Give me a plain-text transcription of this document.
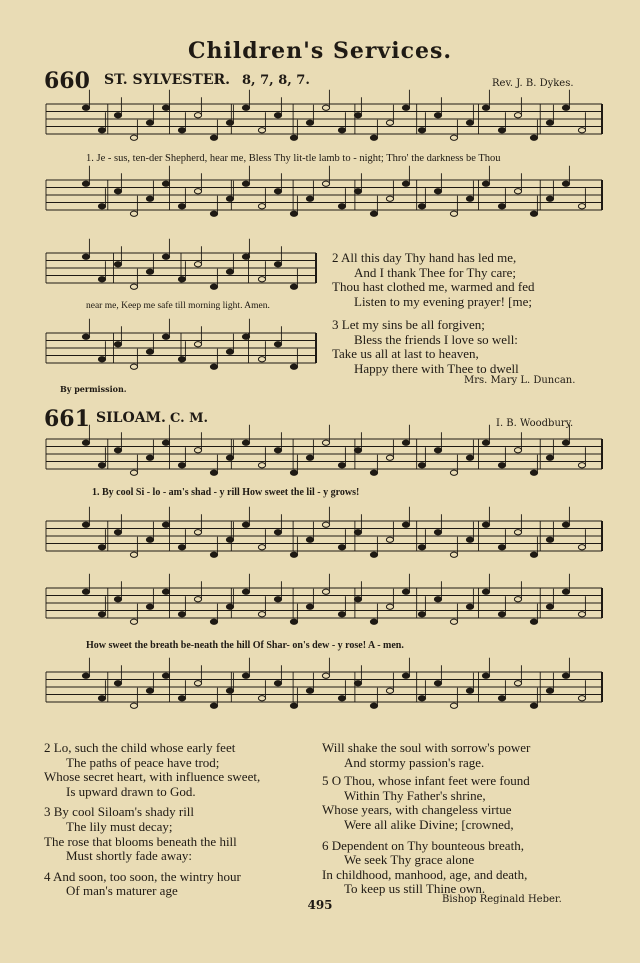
Children's Services.
660 ST. SYLVESTER. 8, 7, 8, 7.	Rev. J. B. Dykes.
1. Je - sus, ten-der Shepherd, hear me, Bless Thy lit-tle lamb to - night; Thro' the darkness be Thou
near me, Keep me safe till morning light. Amen.
By permission.
2 All this day Thy hand has led me,
And I thank Thee for Thy care;
Thou hast clothed me, warmed and fed
Listen to my evening prayer! [me;
3 Let my sins be all forgiven;
Bless the friends I love so well:
Take us all at last to heaven,
Happy there with Thee to dwell
Mrs. Mary L. Duncan.
661 SILOAM. C. M.	I. B. Woodbury.
1. By cool Si - lo - am's shad - y rill How sweet the lil - y grows!
How sweet the breath be-neath the hill Of Shar- on's dew - y rose! A - men.
2 Lo, such the child whose early feet
The paths of peace have trod;
Whose secret heart, with influence sweet,
Is upward drawn to God.
3 By cool Siloam's shady rill
The lily must decay;
The rose that blooms beneath the hill
Must shortly fade away:
4 And soon, too soon, the wintry hour
Of man's maturer age
Will shake the soul with sorrow's power
And stormy passion's rage.
5 O Thou, whose infant feet were found
Within Thy Father's shrine,
Whose years, with changeless virtue
Were all alike Divine; [crowned,
6 Dependent on Thy bounteous breath,
We seek Thy grace alone
In childhood, manhood, age, and death,
To keep us still Thine own.
Bishop Reginald Heber.
495
